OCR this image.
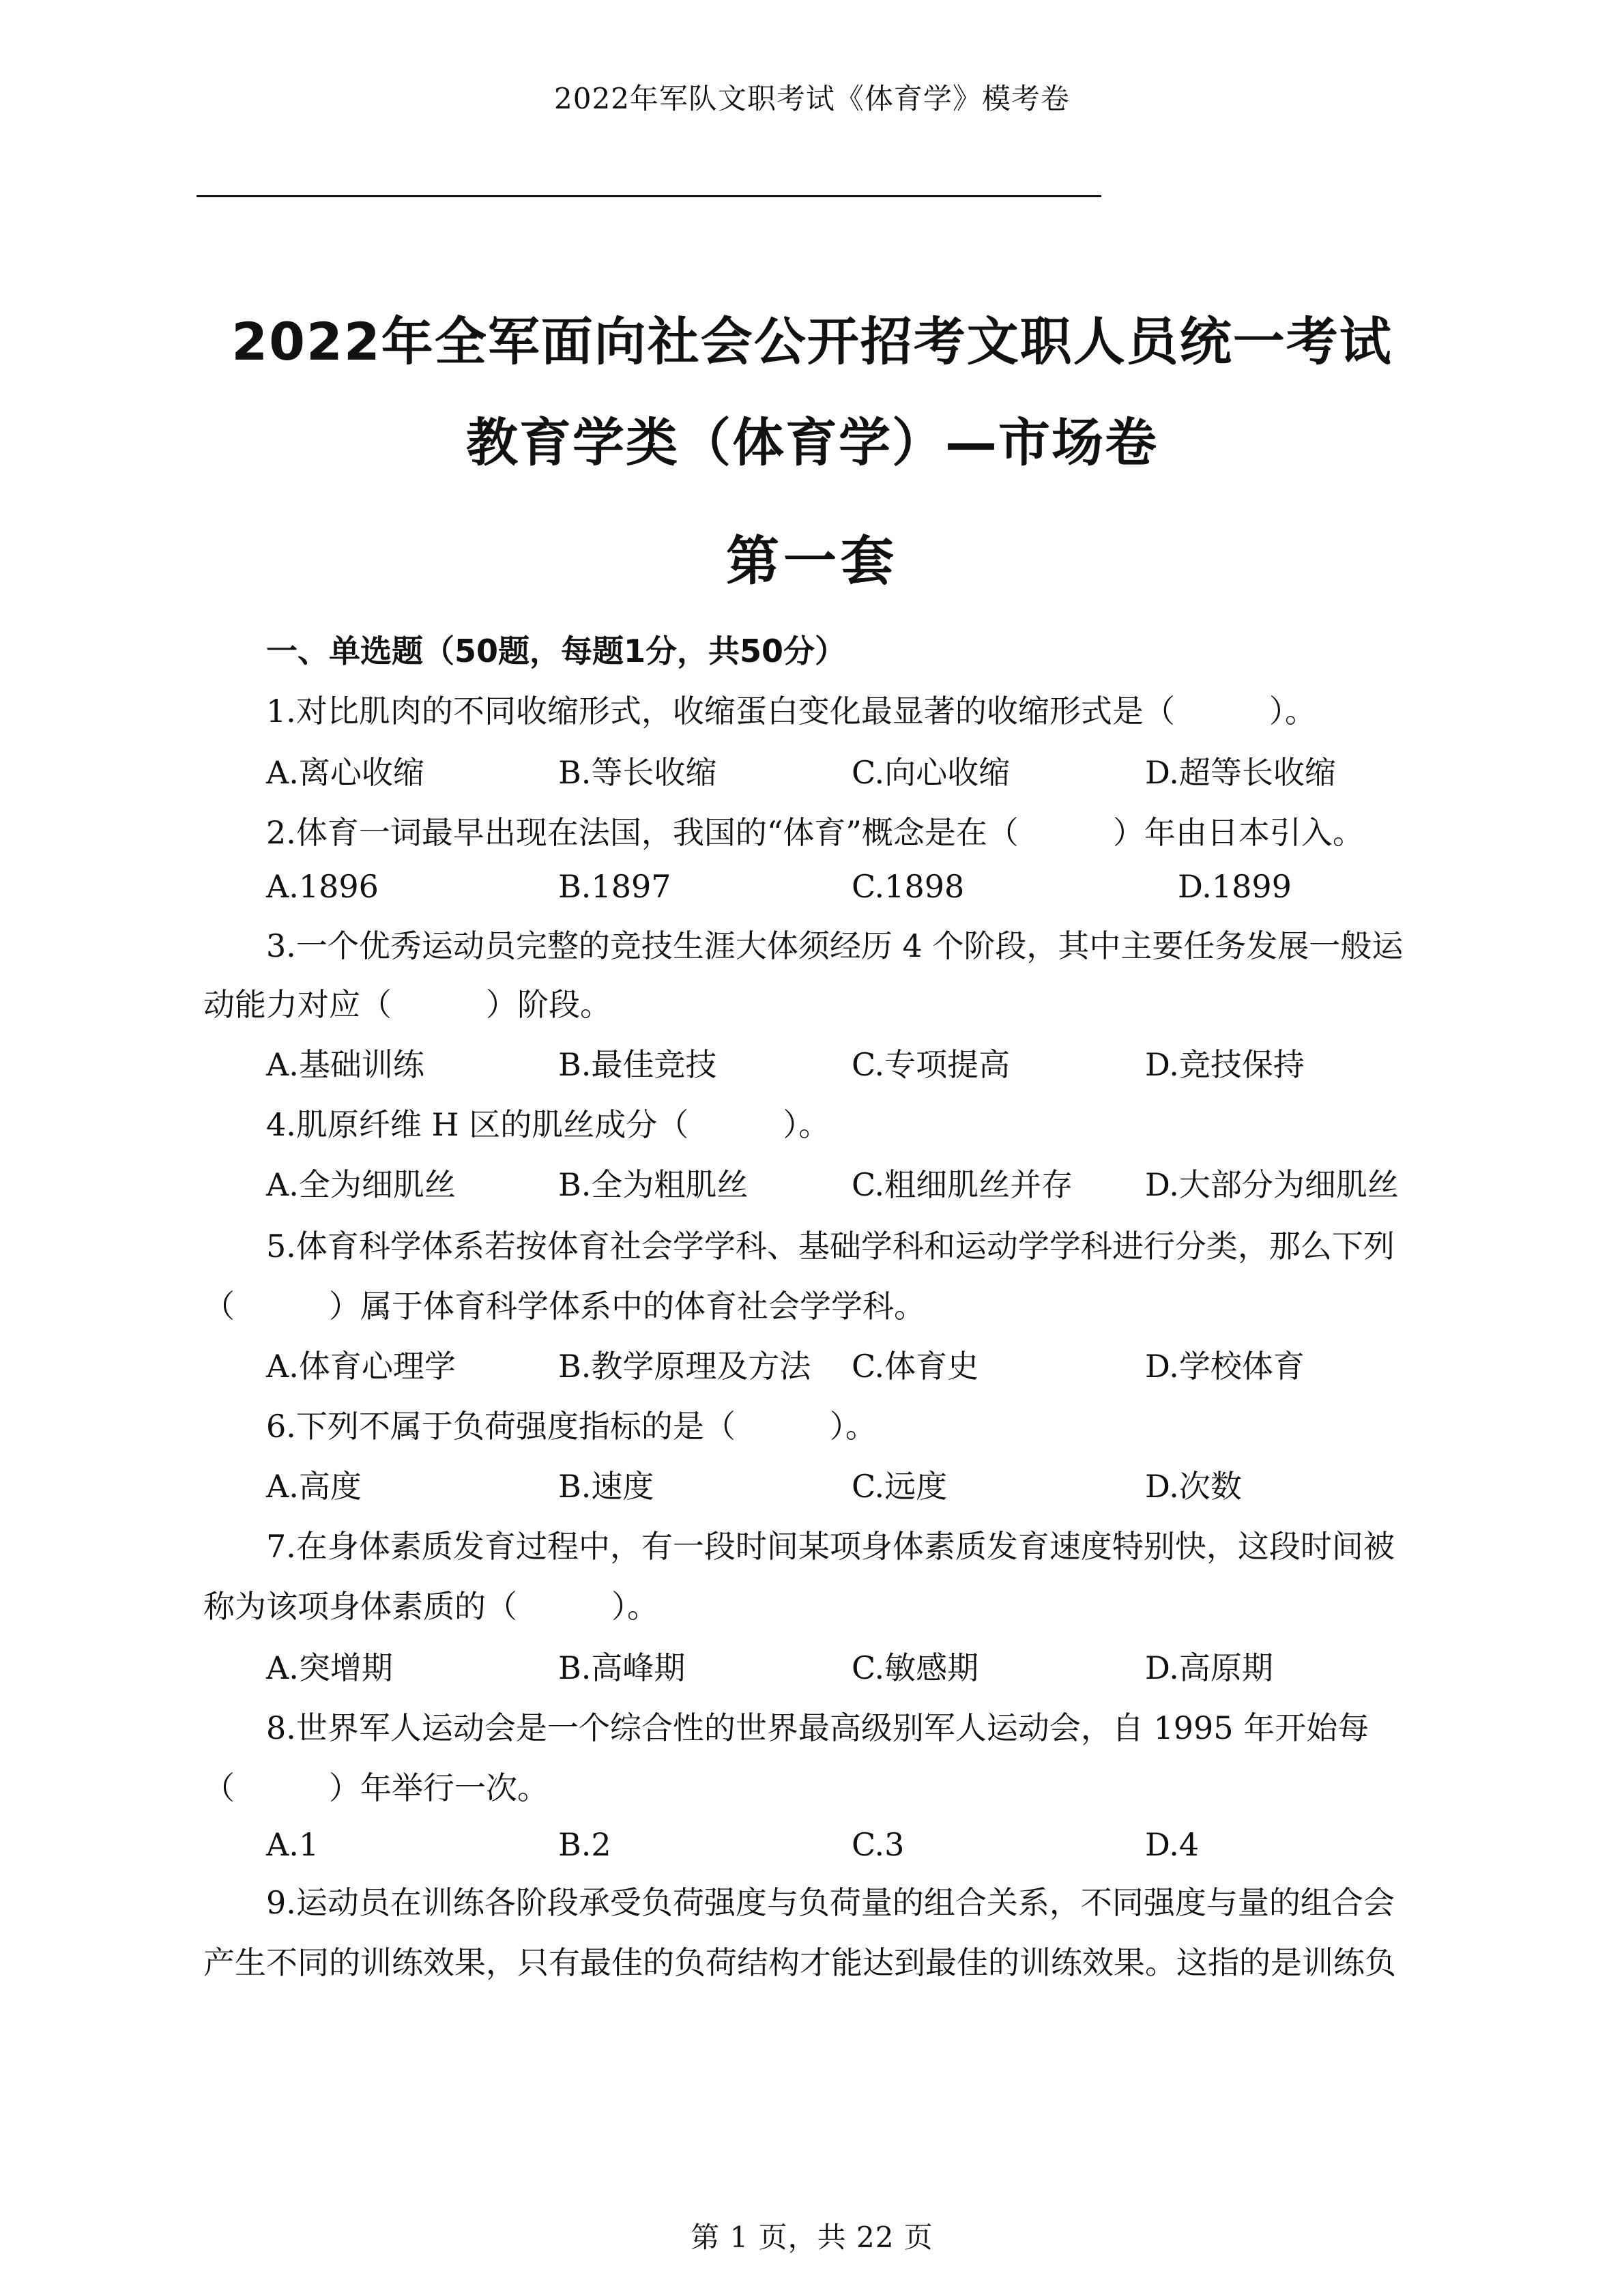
2022年军队文职考试《体育学》模考卷
2022年全军面向社会公开招考文职人员统一考试
教育学类（体育学）—市场卷
第一套
一、单选题（50题，每题1分，共50分）
1.对比肌肉的不同收缩形式，收缩蛋白变化最显著的收缩形式是（　　　）。
A.离心收缩	B.等长收缩	C.向心收缩	D.超等长收缩
2.体育一词最早出现在法国，我国的“体育”概念是在（　　　）年由日本引入。
A.1896	B.1897	C.1898	D.1899
3.一个优秀运动员完整的竞技生涯大体须经历 4 个阶段，其中主要任务发展一般运
动能力对应（　　　）阶段。
A.基础训练	B.最佳竞技	C.专项提高	D.竞技保持
4.肌原纤维 H 区的肌丝成分（　　　）。
A.全为细肌丝	B.全为粗肌丝	C.粗细肌丝并存 D.大部分为细肌丝
5.体育科学体系若按体育社会学学科、基础学科和运动学学科进行分类，那么下列
（　　　）属于体育科学体系中的体育社会学学科。
A.体育心理学	B.教学原理及方法 C.体育史	D.学校体育
6.下列不属于负荷强度指标的是（　　　）。
A.高度	B.速度	C.远度	D.次数
7.在身体素质发育过程中，有一段时间某项身体素质发育速度特别快，这段时间被
称为该项身体素质的（　　　）。
A.突增期	B.高峰期	C.敏感期	D.高原期
8.世界军人运动会是一个综合性的世界最高级别军人运动会，自 1995 年开始每
（　　　）年举行一次。
A.1	B.2	C.3	D.4
9.运动员在训练各阶段承受负荷强度与负荷量的组合关系，不同强度与量的组合会
产生不同的训练效果，只有最佳的负荷结构才能达到最佳的训练效果。这指的是训练负
第 1 页，共 22 页
